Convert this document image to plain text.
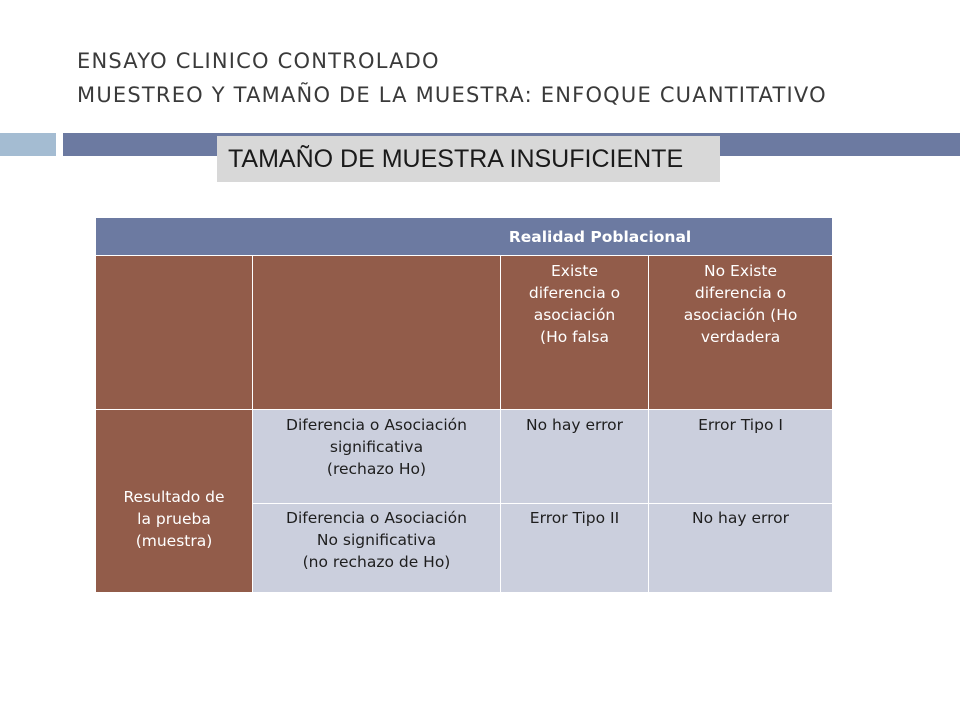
ENSAYO CLINICO CONTROLADO
MUESTREO Y TAMAÑO DE LA MUESTRA: ENFOQUE CUANTITATIVO
TAMAÑO DE MUESTRA INSUFICIENTE
Realidad Poblacional			

		Existe
diferencia o
asociación
(Ho falsa	No Existe
diferencia o
asociación (Ho
verdadera

Resultado de
la prueba
(muestra)	Diferencia o Asociación
significativa
(rechazo Ho)	No hay error	Error Tipo I

	Diferencia o Asociación
No significativa
(no rechazo de Ho)	Error Tipo II	No hay error
